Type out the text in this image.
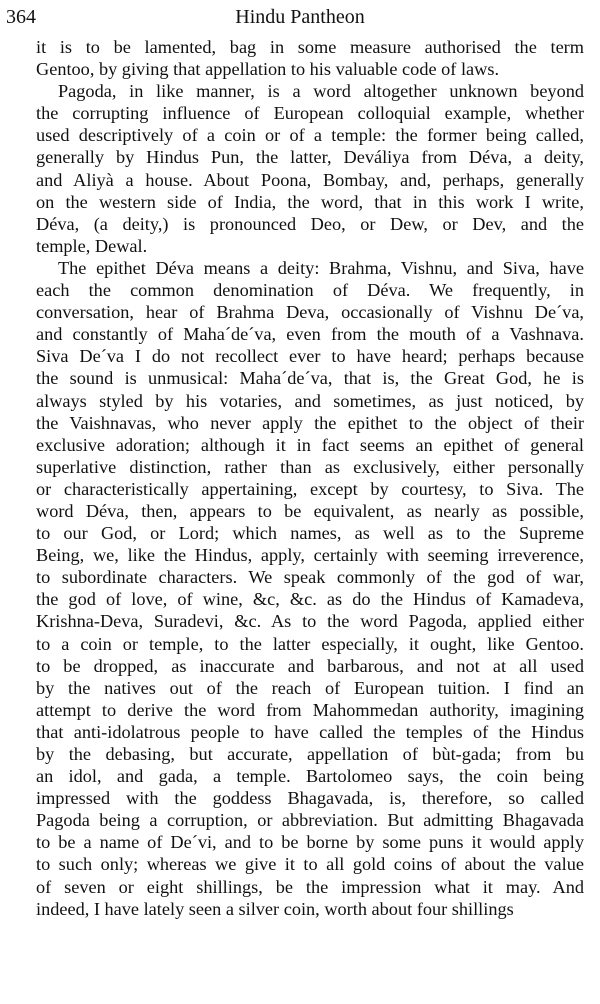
364	Hindu Pantheon
it is to be lamented, bag in some measure authorised the term
Gentoo, by giving that appellation to his valuable code of laws.
Pagoda, in like manner, is a word altogether unknown beyond
the corrupting influence of European colloquial example, whether
used descriptively of a coin or of a temple: the former being called,
generally by Hindus Pun, the latter, Deváliya from Déva, a deity,
and Aliyà a house. About Poona, Bombay, and, perhaps, generally
on the western side of India, the word, that in this work I write,
Déva, (a deity,) is pronounced Deo, or Dew, or Dev, and the
temple, Dewal.
The epithet Déva means a deity: Brahma, Vishnu, and Siva, have
each the common denomination of Déva. We frequently, in
conversation, hear of Brahma Deva, occasionally of Vishnu De´va,
and constantly of Maha´de´va, even from the mouth of a Vashnava.
Siva De´va I do not recollect ever to have heard; perhaps because
the sound is unmusical: Maha´de´va, that is, the Great God, he is
always styled by his votaries, and sometimes, as just noticed, by
the Vaishnavas, who never apply the epithet to the object of their
exclusive adoration; although it in fact seems an epithet of general
superlative distinction, rather than as exclusively, either personally
or characteristically appertaining, except by courtesy, to Siva. The
word Déva, then, appears to be equivalent, as nearly as possible,
to our God, or Lord; which names, as well as to the Supreme
Being, we, like the Hindus, apply, certainly with seeming irreverence,
to subordinate characters. We speak commonly of the god of war,
the god of love, of wine, &c, &c. as do the Hindus of Kamadeva,
Krishna-Deva, Suradevi, &c. As to the word Pagoda, applied either
to a coin or temple, to the latter especially, it ought, like Gentoo.
to be dropped, as inaccurate and barbarous, and not at all used
by the natives out of the reach of European tuition. I find an
attempt to derive the word from Mahommedan authority, imagining
that anti-idolatrous people to have called the temples of the Hindus
by the debasing, but accurate, appellation of bùt-gada; from bu
an idol, and gada, a temple. Bartolomeo says, the coin being
impressed with the goddess Bhagavada, is, therefore, so called
Pagoda being a corruption, or abbreviation. But admitting Bhagavada
to be a name of De´vi, and to be borne by some puns it would apply
to such only; whereas we give it to all gold coins of about the value
of seven or eight shillings, be the impression what it may. And
indeed, I have lately seen a silver coin, worth about four shillings
